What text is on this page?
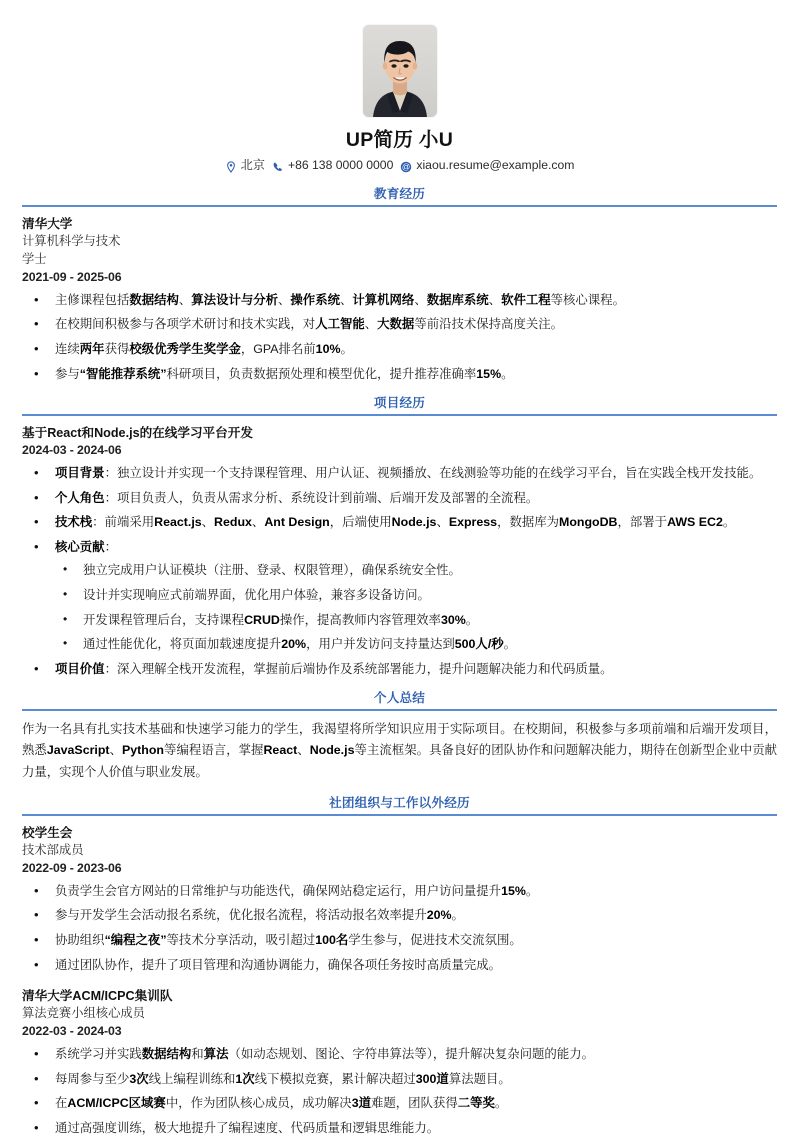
UP简历 小U
北京 +86 138 0000 0000 @ xiaou.resume@example.com
教育经历
清华大学
计算机科学与技术
学士
2021-09 - 2025-06
• 主修课程包括数据结构、算法设计与分析、操作系统、计算机网络、数据库系统、软件工程等核心课程。
• 在校期间积极参与各项学术研讨和技术实践，对人工智能、大数据等前沿技术保持高度关注。
• 连续两年获得校级优秀学生奖学金，GPA排名前10%。
• 参与“智能推荐系统”科研项目，负责数据预处理和模型优化，提升推荐准确率15%。
项目经历
基于React和Node.js的在线学习平台开发
2024-03 - 2024-06
• 项目背景：独立设计并实现一个支持课程管理、用户认证、视频播放、在线测验等功能的在线学习平台，旨在实践全栈开发技能。
• 个人角色：项目负责人，负责从需求分析、系统设计到前端、后端开发及部署的全流程。
• 技术栈：前端采用React.js、Redux、Ant Design，后端使用Node.js、Express，数据库为MongoDB，部署于AWS EC2。
• 核心贡献：
• 独立完成用户认证模块（注册、登录、权限管理），确保系统安全性。
• 设计并实现响应式前端界面，优化用户体验，兼容多设备访问。
• 开发课程管理后台，支持课程CRUD操作，提高教师内容管理效率30%。
• 通过性能优化，将页面加载速度提升20%，用户并发访问支持量达到500人/秒。
• 项目价值：深入理解全栈开发流程，掌握前后端协作及系统部署能力，提升问题解决能力和代码质量。
个人总结
作为一名具有扎实技术基础和快速学习能力的学生，我渴望将所学知识应用于实际项目。在校期间，积极参与多项前端和后端开发项目，熟悉JavaScript、Python等编程语言，掌握React、Node.js等主流框架。具备良好的团队协作和问题解决能力，期待在创新型企业中贡献力量，实现个人价值与职业发展。
社团组织与工作以外经历
校学生会
技术部成员
2022-09 - 2023-06
• 负责学生会官方网站的日常维护与功能迭代，确保网站稳定运行，用户访问量提升15%。
• 参与开发学生会活动报名系统，优化报名流程，将活动报名效率提升20%。
• 协助组织“编程之夜”等技术分享活动，吸引超过100名学生参与，促进技术交流氛围。
• 通过团队协作，提升了项目管理和沟通协调能力，确保各项任务按时高质量完成。
清华大学ACM/ICPC集训队
算法竞赛小组核心成员
2022-03 - 2024-03
• 系统学习并实践数据结构和算法（如动态规划、图论、字符串算法等），提升解决复杂问题的能力。
• 每周参与至少3次线上编程训练和1次线下模拟竞赛，累计解决超过300道算法题目。
• 在ACM/ICPC区域赛中，作为团队核心成员，成功解决3道难题，团队获得二等奖。
• 通过高强度训练，极大地提升了编程速度、代码质量和逻辑思维能力。
